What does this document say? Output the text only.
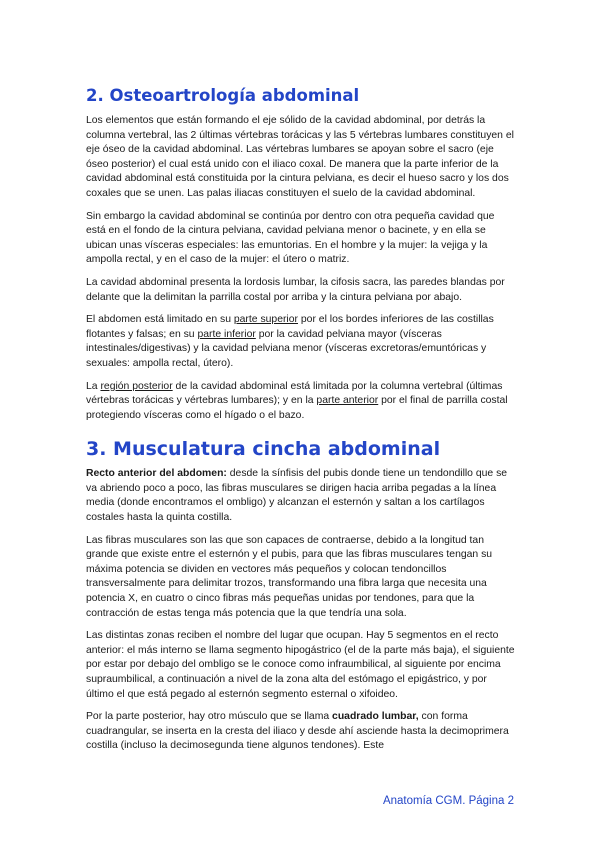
2. Osteoartrología abdominal

Los elementos que están formando el eje sólido de la cavidad abdominal, por detrás la columna vertebral, las 2 últimas vértebras torácicas y las 5 vértebras lumbares constituyen el eje óseo de la cavidad abdominal. Las vértebras lumbares se apoyan sobre el sacro (eje óseo posterior) el cual está unido con el iliaco coxal. De manera que la parte inferior de la cavidad abdominal está constituida por la cintura pelviana, es decir el hueso sacro y los dos coxales que se unen. Las palas iliacas constituyen el suelo de la cavidad abdominal.

Sin embargo la cavidad abdominal se continúa por dentro con otra pequeña cavidad que está en el fondo de la cintura pelviana, cavidad pelviana menor o bacinete, y en ella se ubican unas vísceras especiales: las emuntorias. En el hombre y la mujer: la vejiga y la ampolla rectal, y en el caso de la mujer: el útero o matriz.

La cavidad abdominal presenta la lordosis lumbar, la cifosis sacra, las paredes blandas por delante que la delimitan la parrilla costal por arriba y la cintura pelviana por abajo.

El abdomen está limitado en su parte superior por el los bordes inferiores de las costillas flotantes y falsas; en su parte inferior por la cavidad pelviana mayor (vísceras intestinales/digestivas) y la cavidad pelviana menor (vísceras excretoras/emuntóricas y sexuales: ampolla rectal, útero).

La región posterior de la cavidad abdominal está limitada por la columna vertebral (últimas vértebras torácicas y vértebras lumbares); y en la parte anterior por el final de parrilla costal protegiendo vísceras como el hígado o el bazo.

3. Musculatura cincha abdominal

Recto anterior del abdomen: desde la sínfisis del pubis donde tiene un tendondillo que se va abriendo poco a poco, las fibras musculares se dirigen hacia arriba pegadas a la línea media (donde encontramos el ombligo) y alcanzan el esternón y saltan a los cartílagos costales hasta la quinta costilla.

Las fibras musculares son las que son capaces de contraerse, debido a la longitud tan grande que existe entre el esternón y el pubis, para que las fibras musculares tengan su máxima potencia se dividen en vectores más pequeños y colocan tendoncillos transversalmente para delimitar trozos, transformando una fibra larga que necesita una potencia X, en cuatro o cinco fibras más pequeñas unidas por tendones, para que la contracción de estas tenga más potencia que la que tendría una sola.

Las distintas zonas reciben el nombre del lugar que ocupan. Hay 5 segmentos en el recto anterior: el más interno se llama segmento hipogástrico (el de la parte más baja), el siguiente por estar por debajo del ombligo se le conoce como infraumbilical, al siguiente por encima supraumbilical, a continuación a nivel de la zona alta del estómago el epigástrico, y por último el que está pegado al esternón segmento esternal o xifoideo.

Por la parte posterior, hay otro músculo que se llama cuadrado lumbar, con forma cuadrangular, se inserta en la cresta del iliaco y desde ahí asciende hasta la decimoprimera costilla (incluso la decimosegunda tiene algunos tendones). Este

Anatomía CGM. Página 2
